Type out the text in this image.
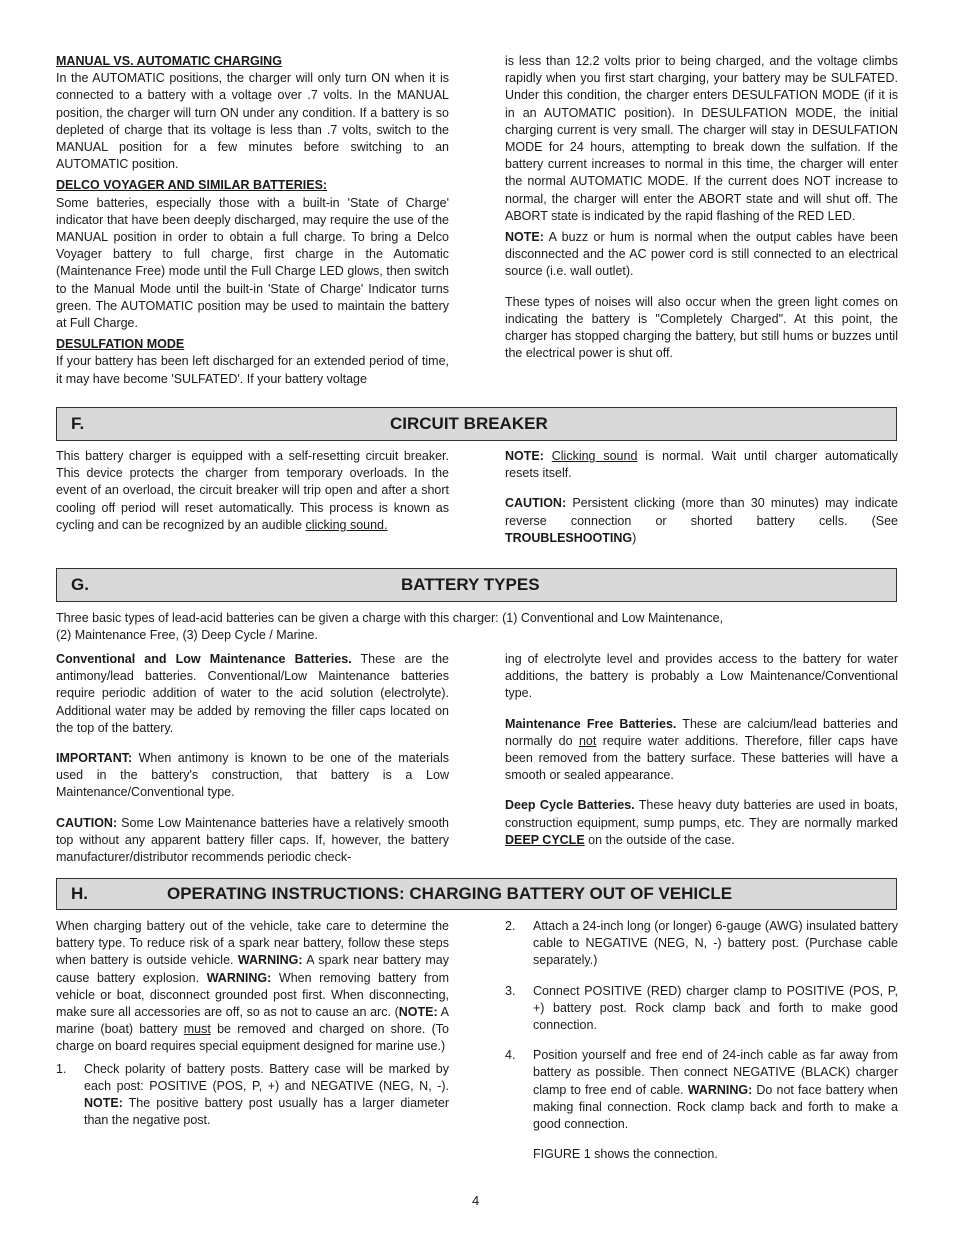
MANUAL VS. AUTOMATIC CHARGING

In the AUTOMATIC positions, the charger will only turn ON when it is connected to a battery with a voltage over .7 volts. In the MANUAL position, the charger will turn ON under any condition. If a battery is so depleted of charge that its voltage is less than .7 volts, switch to the MANUAL position for a few minutes before switching to an AUTOMATIC position.

DELCO VOYAGER AND SIMILAR BATTERIES:

Some batteries, especially those with a built-in 'State of Charge' indicator that have been deeply discharged, may require the use of the MANUAL position in order to obtain a full charge. To bring a Delco Voyager battery to full charge, first charge in the Automatic (Maintenance Free) mode until the Full Charge LED glows, then switch to the Manual Mode until the built-in 'State of Charge' Indicator turns green. The AUTOMATIC position may be used to maintain the battery at Full Charge.

DESULFATION MODE

If your battery has been left discharged for an extended period of time, it may have become 'SULFATED'. If your battery voltage

is less than 12.2 volts prior to being charged, and the voltage climbs rapidly when you first start charging, your battery may be SULFATED. Under this condition, the charger enters DESULFATION MODE (if it is in an AUTOMATIC position). In DESULFATION MODE, the initial charging current is very small. The charger will stay in DESULFATION MODE for 24 hours, attempting to break down the sulfation. If the battery current increases to normal in this time, the charger will enter the normal AUTOMATIC MODE. If the current does NOT increase to normal, the charger will enter the ABORT state and will shut off. The ABORT state is indicated by the rapid flashing of the RED LED.

NOTE: A buzz or hum is normal when the output cables have been disconnected and the AC power cord is still connected to an electrical source (i.e. wall outlet).

These types of noises will also occur when the green light comes on indicating the battery is "Completely Charged". At this point, the charger has stopped charging the battery, but still hums or buzzes until the electrical power is shut off.

F.	CIRCUIT BREAKER

This battery charger is equipped with a self-resetting circuit breaker. This device protects the charger from temporary overloads. In the event of an overload, the circuit breaker will trip open and after a short cooling off period will reset automatically. This process is known as cycling and can be recognized by an audible clicking sound.

NOTE: Clicking sound is normal. Wait until charger automatically resets itself.

CAUTION: Persistent clicking (more than 30 minutes) may indicate reverse connection or shorted battery cells. (See TROUBLESHOOTING)

G.	BATTERY TYPES

Three basic types of lead-acid batteries can be given a charge with this charger: (1) Conventional and Low Maintenance,

(2) Maintenance Free, (3) Deep Cycle / Marine.

Conventional and Low Maintenance Batteries. These are the antimony/lead batteries. Conventional/Low Maintenance batteries require periodic addition of water to the acid solution (electrolyte). Additional water may be added by removing the filler caps located on the top of the battery.

IMPORTANT: When antimony is known to be one of the materials used in the battery's construction, that battery is a Low Maintenance/Conventional type.

CAUTION: Some Low Maintenance batteries have a relatively smooth top without any apparent battery filler caps. If, however, the battery manufacturer/distributor recommends periodic check-

ing of electrolyte level and provides access to the battery for water additions, the battery is probably a Low Maintenance/Conventional type.

Maintenance Free Batteries. These are calcium/lead batteries and normally do not require water additions. Therefore, filler caps have been removed from the battery surface. These batteries will have a smooth or sealed appearance.

Deep Cycle Batteries. These heavy duty batteries are used in boats, construction equipment, sump pumps, etc. They are normally marked DEEP CYCLE on the outside of the case.

H.	OPERATING INSTRUCTIONS: CHARGING BATTERY OUT OF VEHICLE

When charging battery out of the vehicle, take care to determine the battery type. To reduce risk of a spark near battery, follow these steps when battery is outside vehicle. WARNING: A spark near battery may cause battery explosion. WARNING: When removing battery from vehicle or boat, disconnect grounded post first. When disconnecting, make sure all accessories are off, so as not to cause an arc. (NOTE: A marine (boat) battery must be removed and charged on shore. (To charge on board requires special equipment designed for marine use.)

1.	Check polarity of battery posts. Battery case will be marked by each post: POSITIVE (POS, P, +) and NEGATIVE (NEG, N, -). NOTE: The positive battery post usually has a larger diameter than the negative post.
2.	Attach a 24-inch long (or longer) 6-gauge (AWG) insulated battery cable to NEGATIVE (NEG, N, -) battery post. (Purchase cable separately.)
3.	Connect POSITIVE (RED) charger clamp to POSITIVE (POS, P, +) battery post. Rock clamp back and forth to make good connection.
4.	Position yourself and free end of 24-inch cable as far away from battery as possible. Then connect NEGATIVE (BLACK) charger clamp to free end of cable. WARNING: Do not face battery when making final connection. Rock clamp back and forth to make a good connection.

FIGURE 1 shows the connection.

4
